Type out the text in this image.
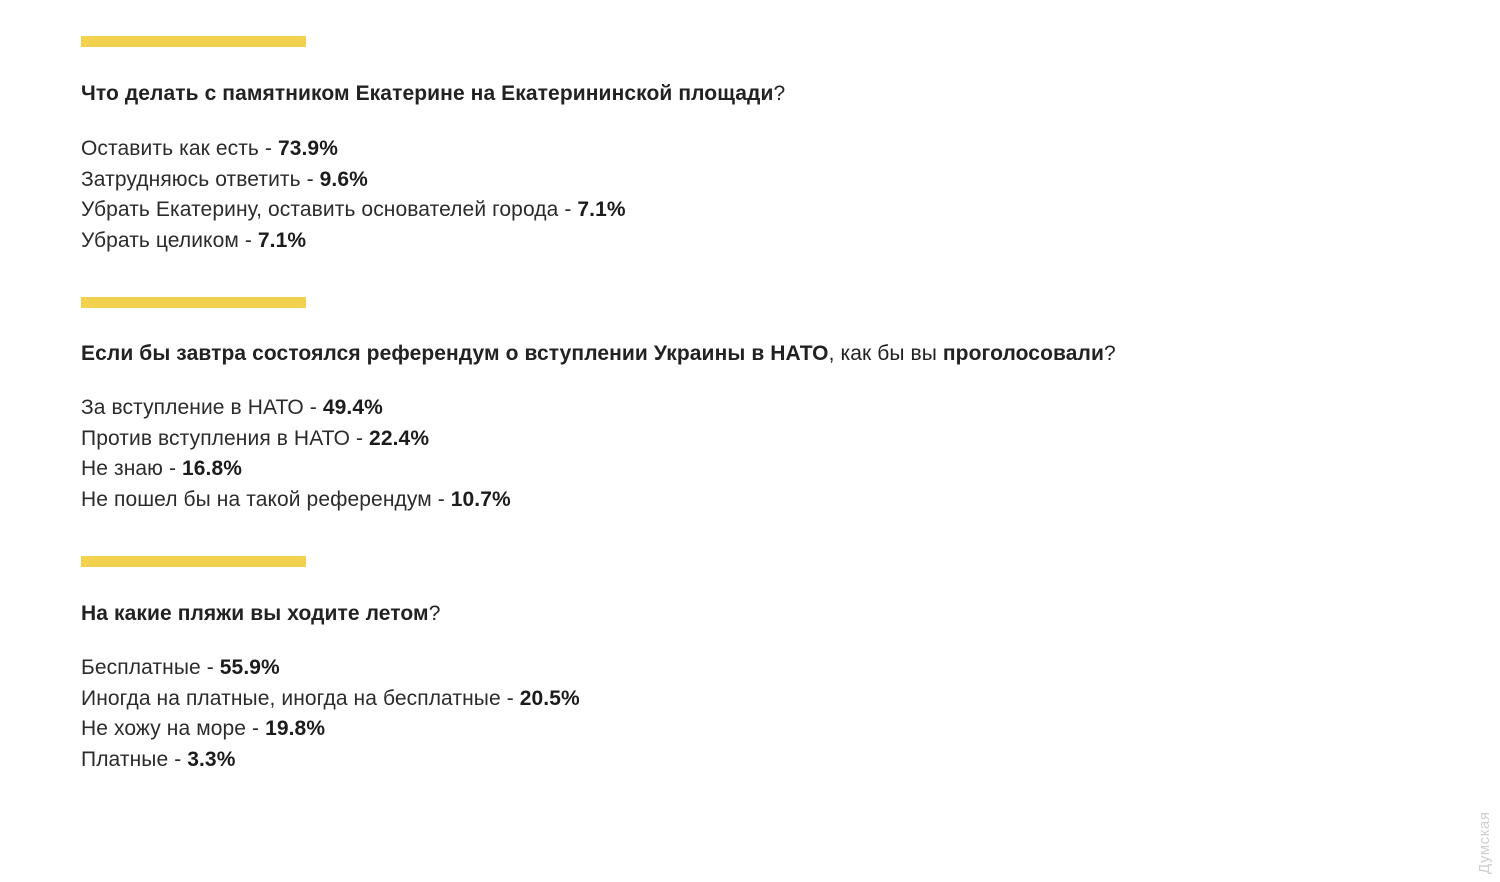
Что делать с памятником Екатерине на Екатерининской площади?
Оставить как есть - 73.9%
Затрудняюсь ответить - 9.6%
Убрать Екатерину, оставить основателей города - 7.1%
Убрать целиком - 7.1%
Если бы завтра состоялся референдум о вступлении Украины в НАТО, как бы вы проголосовали?
За вступление в НАТО - 49.4%
Против вступления в НАТО - 22.4%
Не знаю - 16.8%
Не пошел бы на такой референдум - 10.7%
На какие пляжи вы ходите летом?
Бесплатные - 55.9%
Иногда на платные, иногда на бесплатные - 20.5%
Не хожу на море - 19.8%
Платные - 3.3%
Думская
